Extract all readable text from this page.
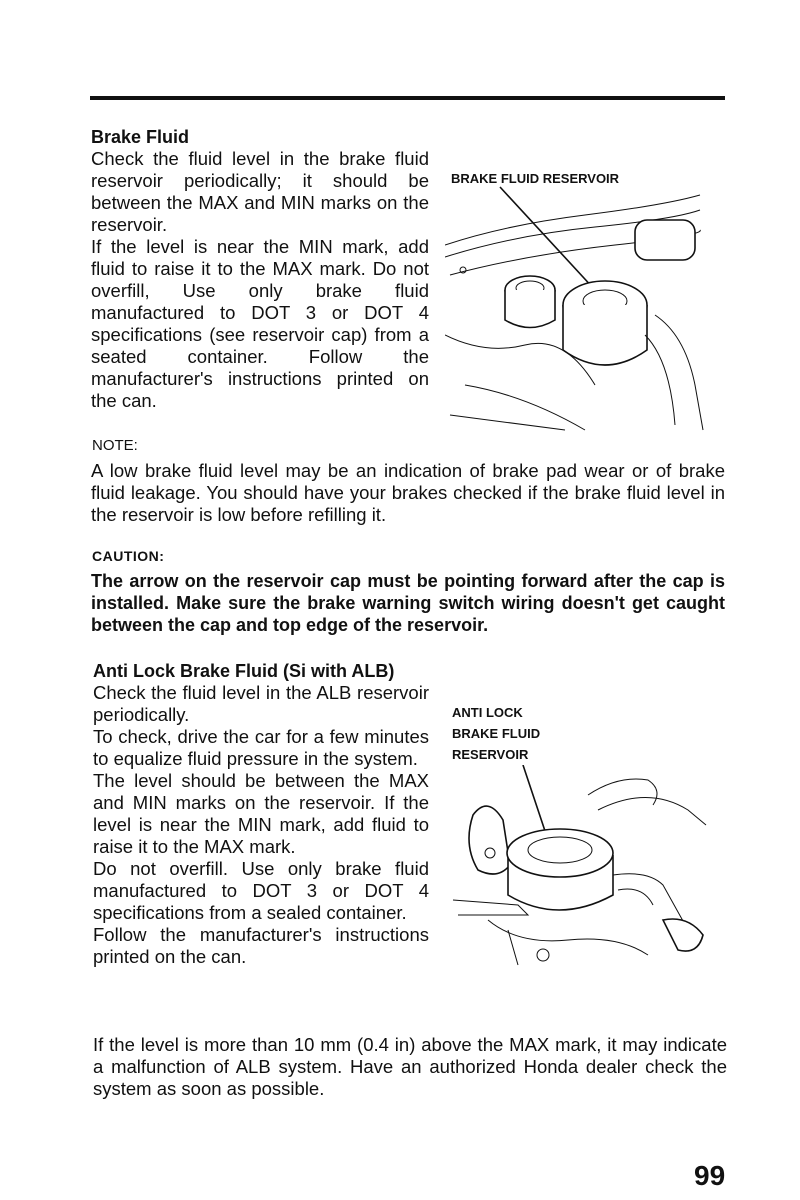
Brake Fluid

Check the fluid level in the brake fluid reservoir periodically; it should be between the MAX and MIN marks on the reservoir.

If the level is near the MIN mark, add fluid to raise it to the MAX mark. Do not overfill, Use only brake fluid manufactured to DOT 3 or DOT 4 specifications (see reservoir cap) from a seated container. Follow the manufacturer's instructions printed on the can.

BRAKE FLUID RESERVOIR
NOTE:
A low brake fluid level may be an indication of brake pad wear or of brake fluid leakage. You should have your brakes checked if the brake fluid level in the reservoir is low before refilling it.
CAUTION:
The arrow on the reservoir cap must be pointing forward after the cap is installed. Make sure the brake warning switch wiring doesn't get caught between the cap and top edge of the reservoir.
Anti Lock Brake Fluid (Si with ALB)

Check the fluid level in the ALB reservoir periodically.

To check, drive the car for a few minutes to equalize fluid pressure in the system.

The level should be between the MAX and MIN marks on the reservoir. If the level is near the MIN mark, add fluid to raise it to the MAX mark.

Do not overfill. Use only brake fluid manufactured to DOT 3 or DOT 4 specifications from a sealed container.

Follow the manufacturer's instructions printed on the can.

ANTI LOCK
BRAKE FLUID
RESERVOIR
If the level is more than 10 mm (0.4 in) above the MAX mark, it may indicate a malfunction of ALB system. Have an authorized Honda dealer check the system as soon as possible.
99
